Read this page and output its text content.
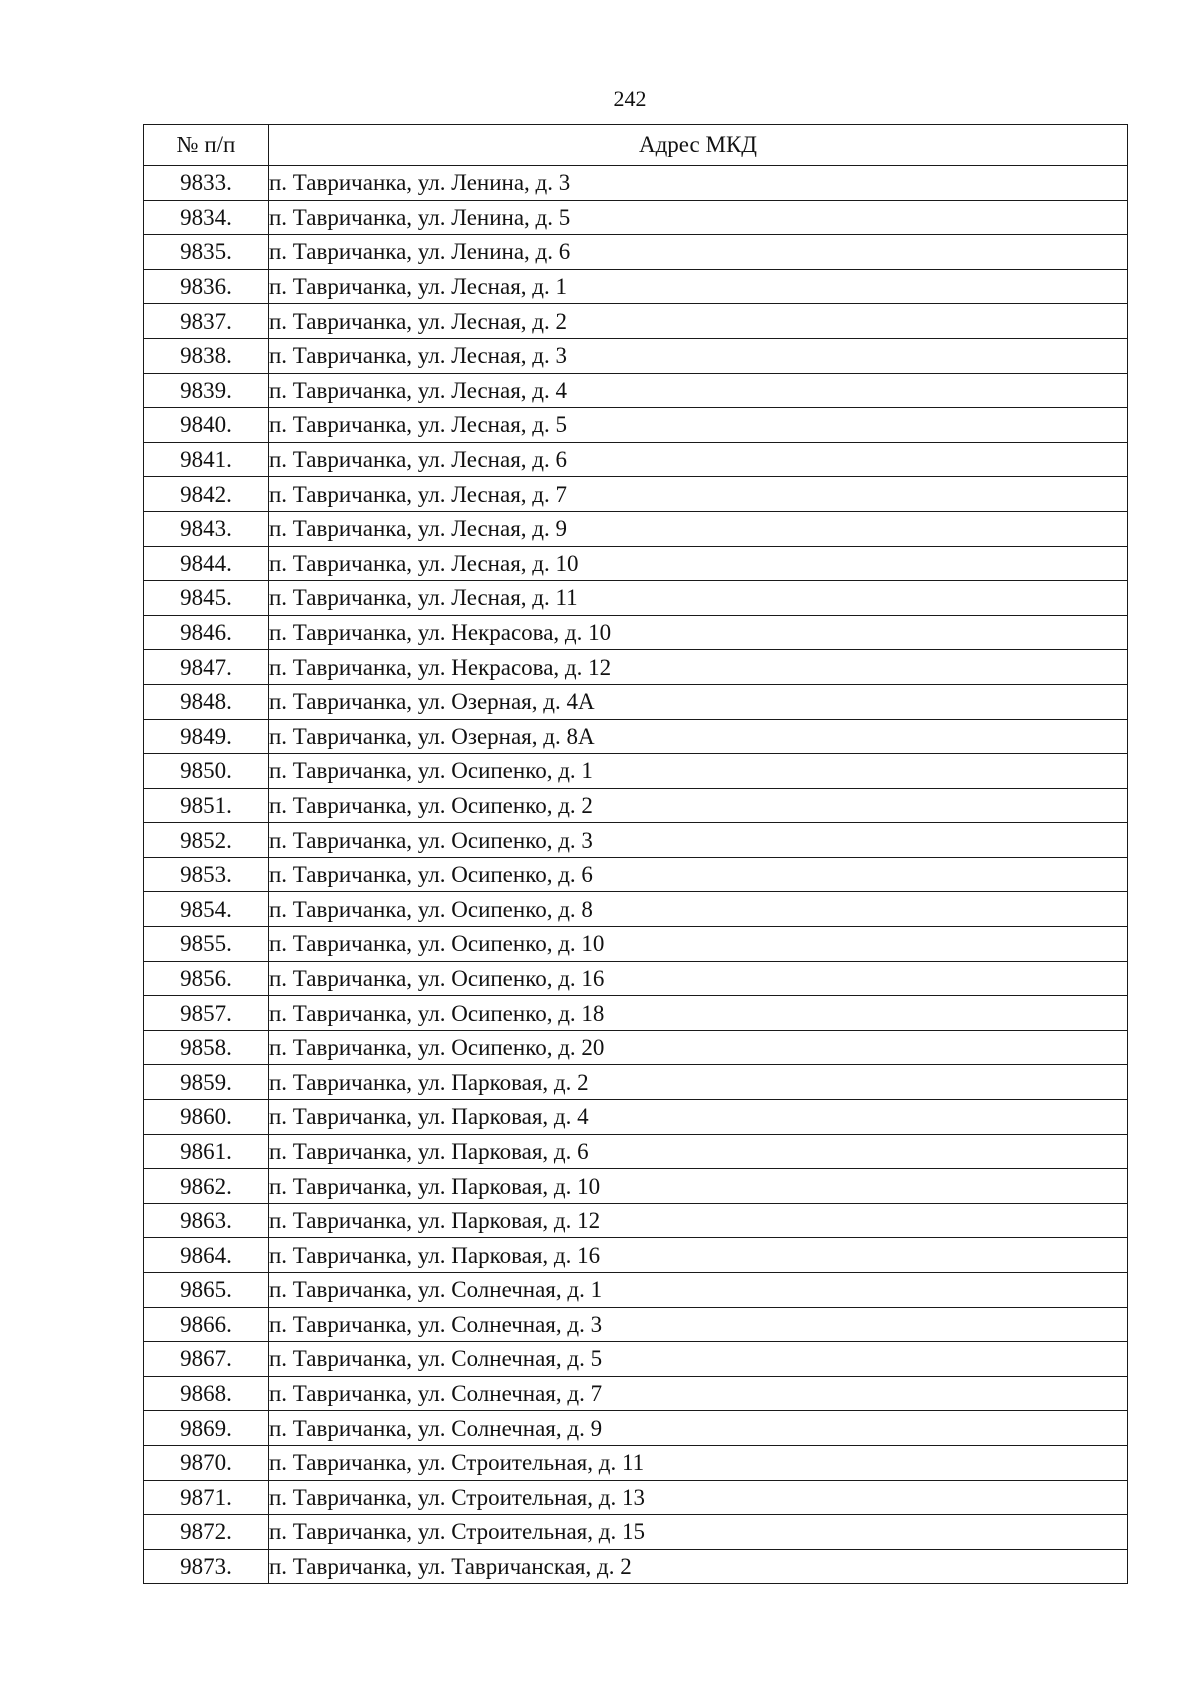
242
№ п/п	Адрес МКД
9833.	п. Тавричанка, ул. Ленина, д. 3
9834.	п. Тавричанка, ул. Ленина, д. 5
9835.	п. Тавричанка, ул. Ленина, д. 6
9836.	п. Тавричанка, ул. Лесная, д. 1
9837.	п. Тавричанка, ул. Лесная, д. 2
9838.	п. Тавричанка, ул. Лесная, д. 3
9839.	п. Тавричанка, ул. Лесная, д. 4
9840.	п. Тавричанка, ул. Лесная, д. 5
9841.	п. Тавричанка, ул. Лесная, д. 6
9842.	п. Тавричанка, ул. Лесная, д. 7
9843.	п. Тавричанка, ул. Лесная, д. 9
9844.	п. Тавричанка, ул. Лесная, д. 10
9845.	п. Тавричанка, ул. Лесная, д. 11
9846.	п. Тавричанка, ул. Некрасова, д. 10
9847.	п. Тавричанка, ул. Некрасова, д. 12
9848.	п. Тавричанка, ул. Озерная, д. 4А
9849.	п. Тавричанка, ул. Озерная, д. 8А
9850.	п. Тавричанка, ул. Осипенко, д. 1
9851.	п. Тавричанка, ул. Осипенко, д. 2
9852.	п. Тавричанка, ул. Осипенко, д. 3
9853.	п. Тавричанка, ул. Осипенко, д. 6
9854.	п. Тавричанка, ул. Осипенко, д. 8
9855.	п. Тавричанка, ул. Осипенко, д. 10
9856.	п. Тавричанка, ул. Осипенко, д. 16
9857.	п. Тавричанка, ул. Осипенко, д. 18
9858.	п. Тавричанка, ул. Осипенко, д. 20
9859.	п. Тавричанка, ул. Парковая, д. 2
9860.	п. Тавричанка, ул. Парковая, д. 4
9861.	п. Тавричанка, ул. Парковая, д. 6
9862.	п. Тавричанка, ул. Парковая, д. 10
9863.	п. Тавричанка, ул. Парковая, д. 12
9864.	п. Тавричанка, ул. Парковая, д. 16
9865.	п. Тавричанка, ул. Солнечная, д. 1
9866.	п. Тавричанка, ул. Солнечная, д. 3
9867.	п. Тавричанка, ул. Солнечная, д. 5
9868.	п. Тавричанка, ул. Солнечная, д. 7
9869.	п. Тавричанка, ул. Солнечная, д. 9
9870.	п. Тавричанка, ул. Строительная, д. 11
9871.	п. Тавричанка, ул. Строительная, д. 13
9872.	п. Тавричанка, ул. Строительная, д. 15
9873.	п. Тавричанка, ул. Тавричанская, д. 2
